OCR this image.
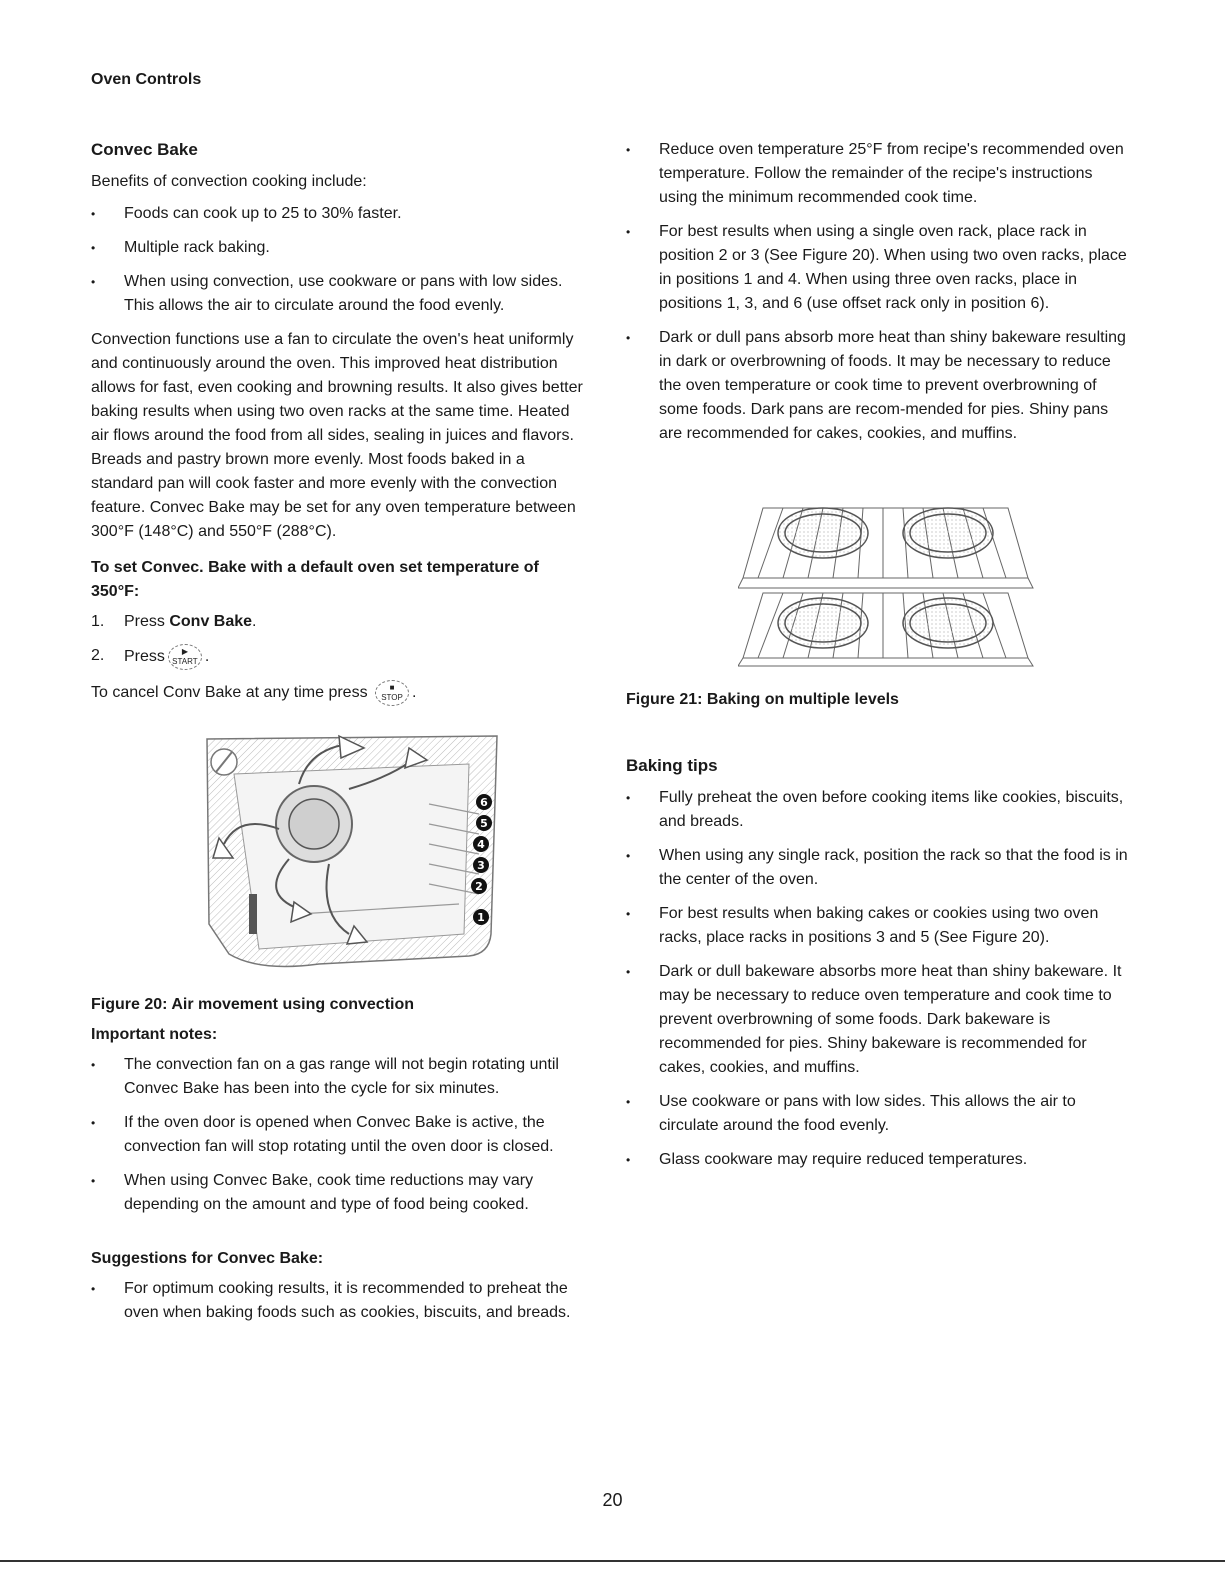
Oven Controls
Convec Bake

Benefits of convection cooking include:

• Foods can cook up to 25 to 30% faster.
• Multiple rack baking.
• When using convection, use cookware or pans with low sides. This allows the air to circulate around the food evenly.

Convection functions use a fan to circulate the oven's heat uniformly and continuously around the oven. This improved heat distribution allows for fast, even cooking and browning results. It also gives better baking results when using two oven racks at the same time. Heated air flows around the food from all sides, sealing in juices and flavors. Breads and pastry brown more evenly. Most foods baked in a standard pan will cook faster and more evenly with the convection feature. Convec Bake may be set for any oven temperature between 300°F (148°C) and 550°F (288°C).

To set Convec. Bake with a default oven set temperature of 350°F:
1.	Press Conv Bake.
2.	Press ▶
START .

To cancel Conv Bake at any time press	■
STOP .

6
5
4
3
2
1
Figure 20: Air movement using convection
Important notes:
• The convection fan on a gas range will not begin rotating until Convec Bake has been into the cycle for six minutes.
• If the oven door is opened when Convec Bake is active, the convection fan will stop rotating until the oven door is closed.
• When using Convec Bake, cook time reductions may vary depending on the amount and type of food being cooked.
Suggestions for Convec Bake:
• For optimum cooking results, it is recommended to preheat the oven when baking foods such as cookies, biscuits, and breads.
• Reduce oven temperature 25°F from recipe's recommended oven temperature. Follow the remainder of the recipe's instructions using the minimum recommended cook time.
• For best results when using a single oven rack, place rack in position 2 or 3 (See Figure 20). When using two oven racks, place in positions 1 and 4. When using three oven racks, place in positions 1, 3, and 6 (use offset rack only in position 6).
• Dark or dull pans absorb more heat than shiny bakeware resulting in dark or overbrowning of foods. It may be necessary to reduce the oven temperature or cook time to prevent overbrowning of some foods. Dark pans are recom-mended for pies. Shiny pans are recommended for cakes, cookies, and muffins.
Figure 21: Baking on multiple levels
Baking tips
• Fully preheat the oven before cooking items like cookies, biscuits, and breads.
• When using any single rack, position the rack so that the food is in the center of the oven.
• For best results when baking cakes or cookies using two oven racks, place racks in positions 3 and 5 (See Figure 20).
• Dark or dull bakeware absorbs more heat than shiny bakeware. It may be necessary to reduce oven temperature and cook time to prevent overbrowning of some foods. Dark bakeware is recommended for pies. Shiny bakeware is recommended for cakes, cookies, and muffins.
• Use cookware or pans with low sides. This allows the air to circulate around the food evenly.
• Glass cookware may require reduced temperatures.
20
